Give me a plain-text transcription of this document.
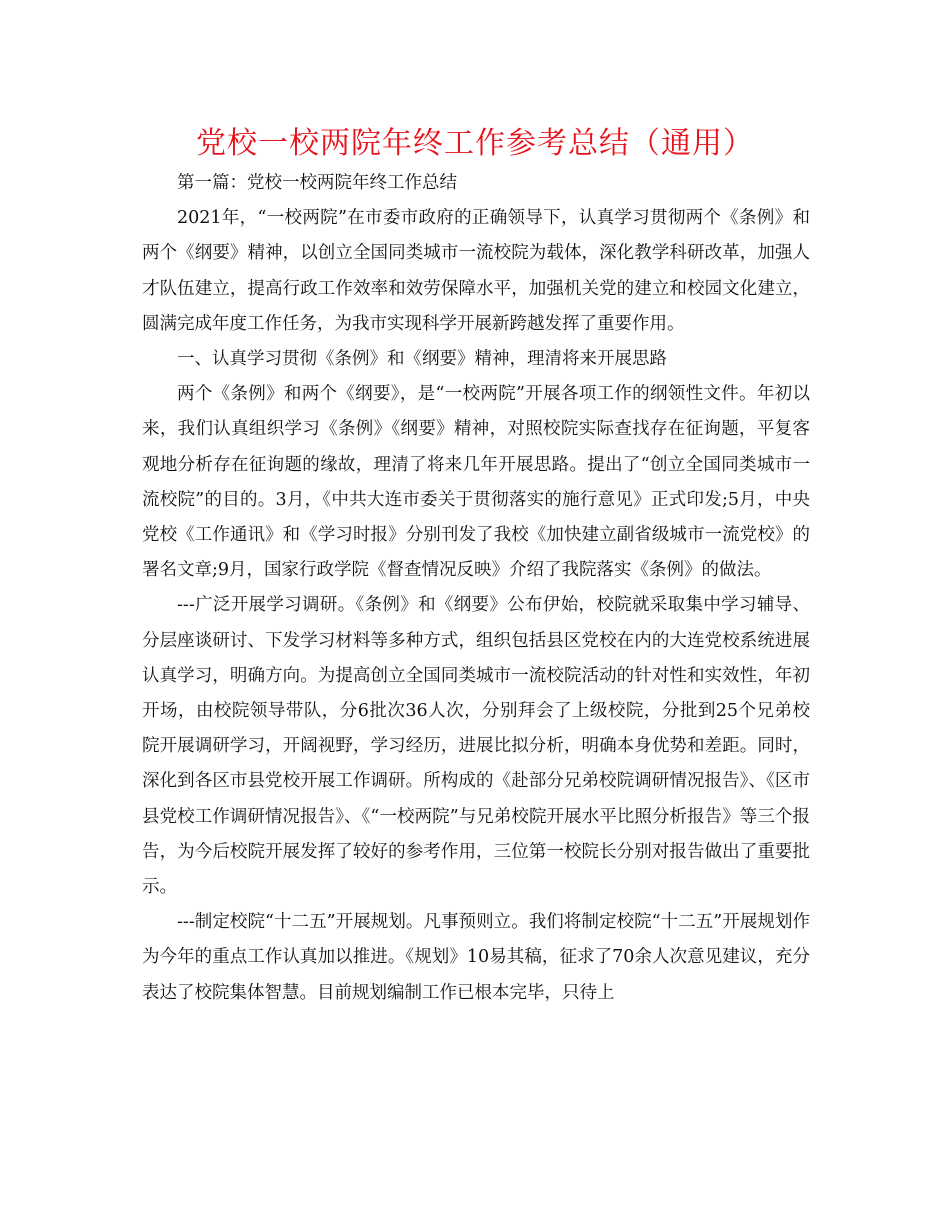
党校一校两院年终工作参考总结（通用）

第一篇：党校一校两院年终工作总结

2021年，“一校两院”在市委市政府的正确领导下，认真学习贯彻两个《条例》和两个《纲要》精神，以创立全国同类城市一流校院为载体，深化教学科研改革，加强人才队伍建立，提高行政工作效率和效劳保障水平，加强机关党的建立和校园文化建立，圆满完成年度工作任务，为我市实现科学开展新跨越发挥了重要作用。

一、认真学习贯彻《条例》和《纲要》精神，理清将来开展思路

两个《条例》和两个《纲要》，是“一校两院”开展各项工作的纲领性文件。年初以来，我们认真组织学习《条例》《纲要》精神，对照校院实际查找存在征询题，平复客观地分析存在征询题的缘故，理清了将来几年开展思路。提出了“创立全国同类城市一流校院”的目的。3月，《中共大连市委关于贯彻落实的施行意见》正式印发;5月，中央党校《工作通讯》和《学习时报》分别刊发了我校《加快建立副省级城市一流党校》的署名文章;9月，国家行政学院《督查情况反映》介绍了我院落实《条例》的做法。

---广泛开展学习调研。《条例》和《纲要》公布伊始，校院就采取集中学习辅导、分层座谈研讨、下发学习材料等多种方式，组织包括县区党校在内的大连党校系统进展认真学习，明确方向。为提高创立全国同类城市一流校院活动的针对性和实效性，年初开场，由校院领导带队，分6批次36人次，分别拜会了上级校院，分批到25个兄弟校院开展调研学习，开阔视野，学习经历，进展比拟分析，明确本身优势和差距。同时，深化到各区市县党校开展工作调研。所构成的《赴部分兄弟校院调研情况报告》、《区市县党校工作调研情况报告》、《“一校两院”与兄弟校院开展水平比照分析报告》等三个报告，为今后校院开展发挥了较好的参考作用，三位第一校院长分别对报告做出了重要批示。

---制定校院“十二五”开展规划。凡事预则立。我们将制定校院“十二五”开展规划作为今年的重点工作认真加以推进。《规划》10易其稿，征求了70余人次意见建议，充分表达了校院集体智慧。目前规划编制工作已根本完毕，只待上
